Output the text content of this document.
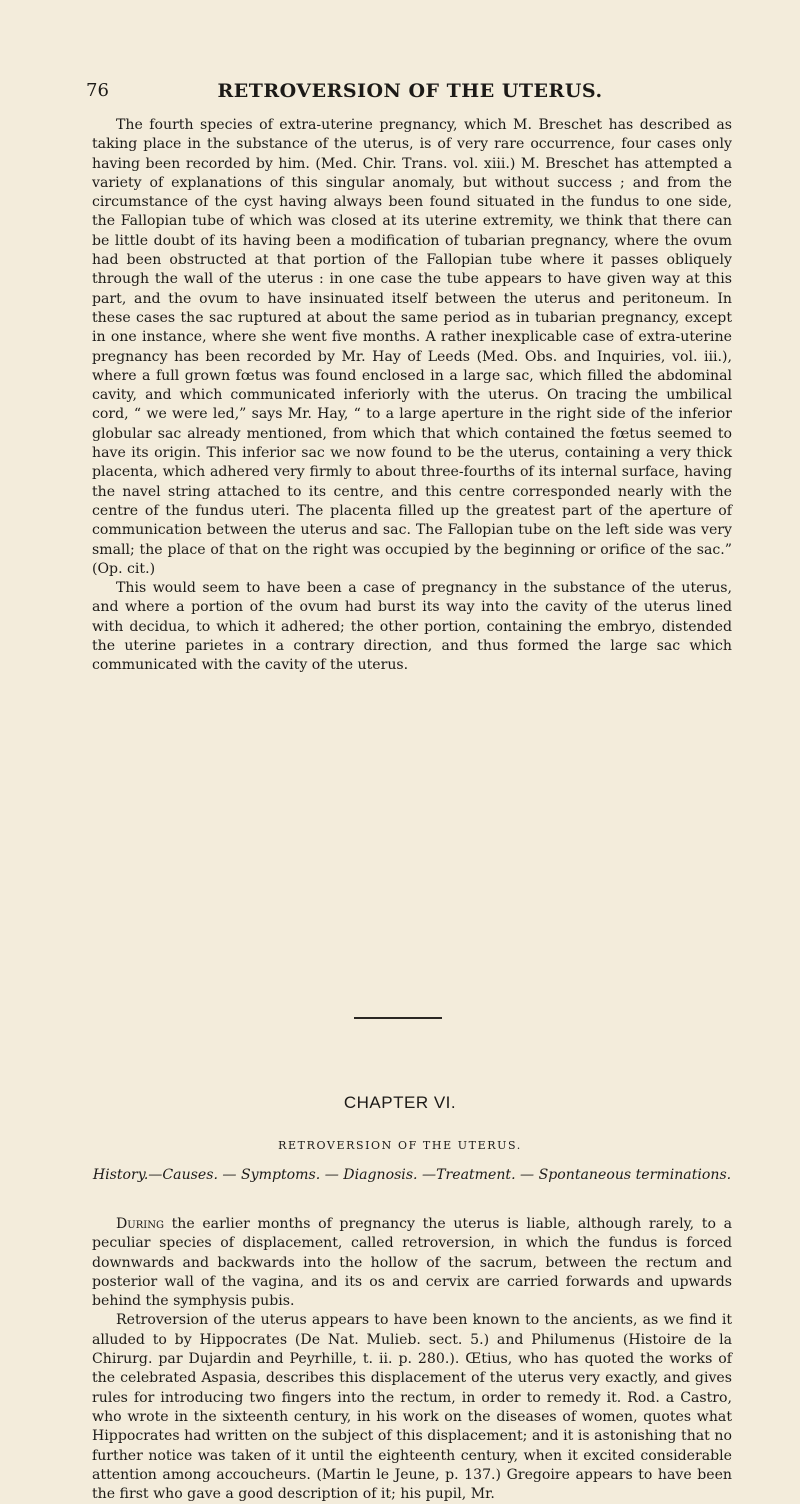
76	RETROVERSION OF THE UTERUS.

The fourth species of extra-uterine pregnancy, which M. Breschet has described as taking place in the substance of the uterus, is of very rare occurrence, four cases only having been recorded by him. (Med. Chir. Trans. vol. xiii.) M. Breschet has attempted a variety of explanations of this singular anomaly, but without success ; and from the circumstance of the cyst having always been found situated in the fundus to one side, the Fallopian tube of which was closed at its uterine extremity, we think that there can be little doubt of its having been a modification of tubarian pregnancy, where the ovum had been obstructed at that portion of the Fallopian tube where it passes obliquely through the wall of the uterus : in one case the tube appears to have given way at this part, and the ovum to have insinuated itself between the uterus and peritoneum. In these cases the sac ruptured at about the same period as in tubarian pregnancy, except in one instance, where she went five months. A rather inexplicable case of extra-uterine pregnancy has been recorded by Mr. Hay of Leeds (Med. Obs. and Inquiries, vol. iii.), where a full grown fœtus was found enclosed in a large sac, which filled the abdominal cavity, and which communicated inferiorly with the uterus. On tracing the umbilical cord, “ we were led,” says Mr. Hay, “ to a large aperture in the right side of the inferior globular sac already mentioned, from which that which contained the fœtus seemed to have its origin. This inferior sac we now found to be the uterus, containing a very thick placenta, which adhered very firmly to about three-fourths of its internal surface, having the navel string attached to its centre, and this centre corresponded nearly with the centre of the fundus uteri. The placenta filled up the greatest part of the aperture of communication between the uterus and sac. The Fallopian tube on the left side was very small; the place of that on the right was occupied by the beginning or orifice of the sac.” (Op. cit.)

This would seem to have been a case of pregnancy in the substance of the uterus, and where a portion of the ovum had burst its way into the cavity of the uterus lined with decidua, to which it adhered; the other portion, containing the embryo, distended the uterine parietes in a contrary direction, and thus formed the large sac which communicated with the cavity of the uterus.

CHAPTER VI.
RETROVERSION OF THE UTERUS.
History.—Causes. — Symptoms. — Diagnosis. —Treatment. — Spontaneous terminations.

During the earlier months of pregnancy the uterus is liable, although rarely, to a peculiar species of displacement, called retroversion, in which the fundus is forced downwards and backwards into the hollow of the sacrum, between the rectum and posterior wall of the vagina, and its os and cervix are carried forwards and upwards behind the symphysis pubis.

Retroversion of the uterus appears to have been known to the ancients, as we find it alluded to by Hippocrates (De Nat. Mulieb. sect. 5.) and Philumenus (Histoire de la Chirurg. par Dujardin and Peyrhille, t. ii. p. 280.). Œtius, who has quoted the works of the celebrated Aspasia, describes this displacement of the uterus very exactly, and gives rules for introducing two fingers into the rectum, in order to remedy it. Rod. a Castro, who wrote in the sixteenth century, in his work on the diseases of women, quotes what Hippocrates had written on the subject of this displacement; and it is astonishing that no further notice was taken of it until the eighteenth century, when it excited considerable attention among accoucheurs. (Martin le Jeune, p. 137.) Gregoire appears to have been the first who gave a good description of it; his pupil, Mr.
